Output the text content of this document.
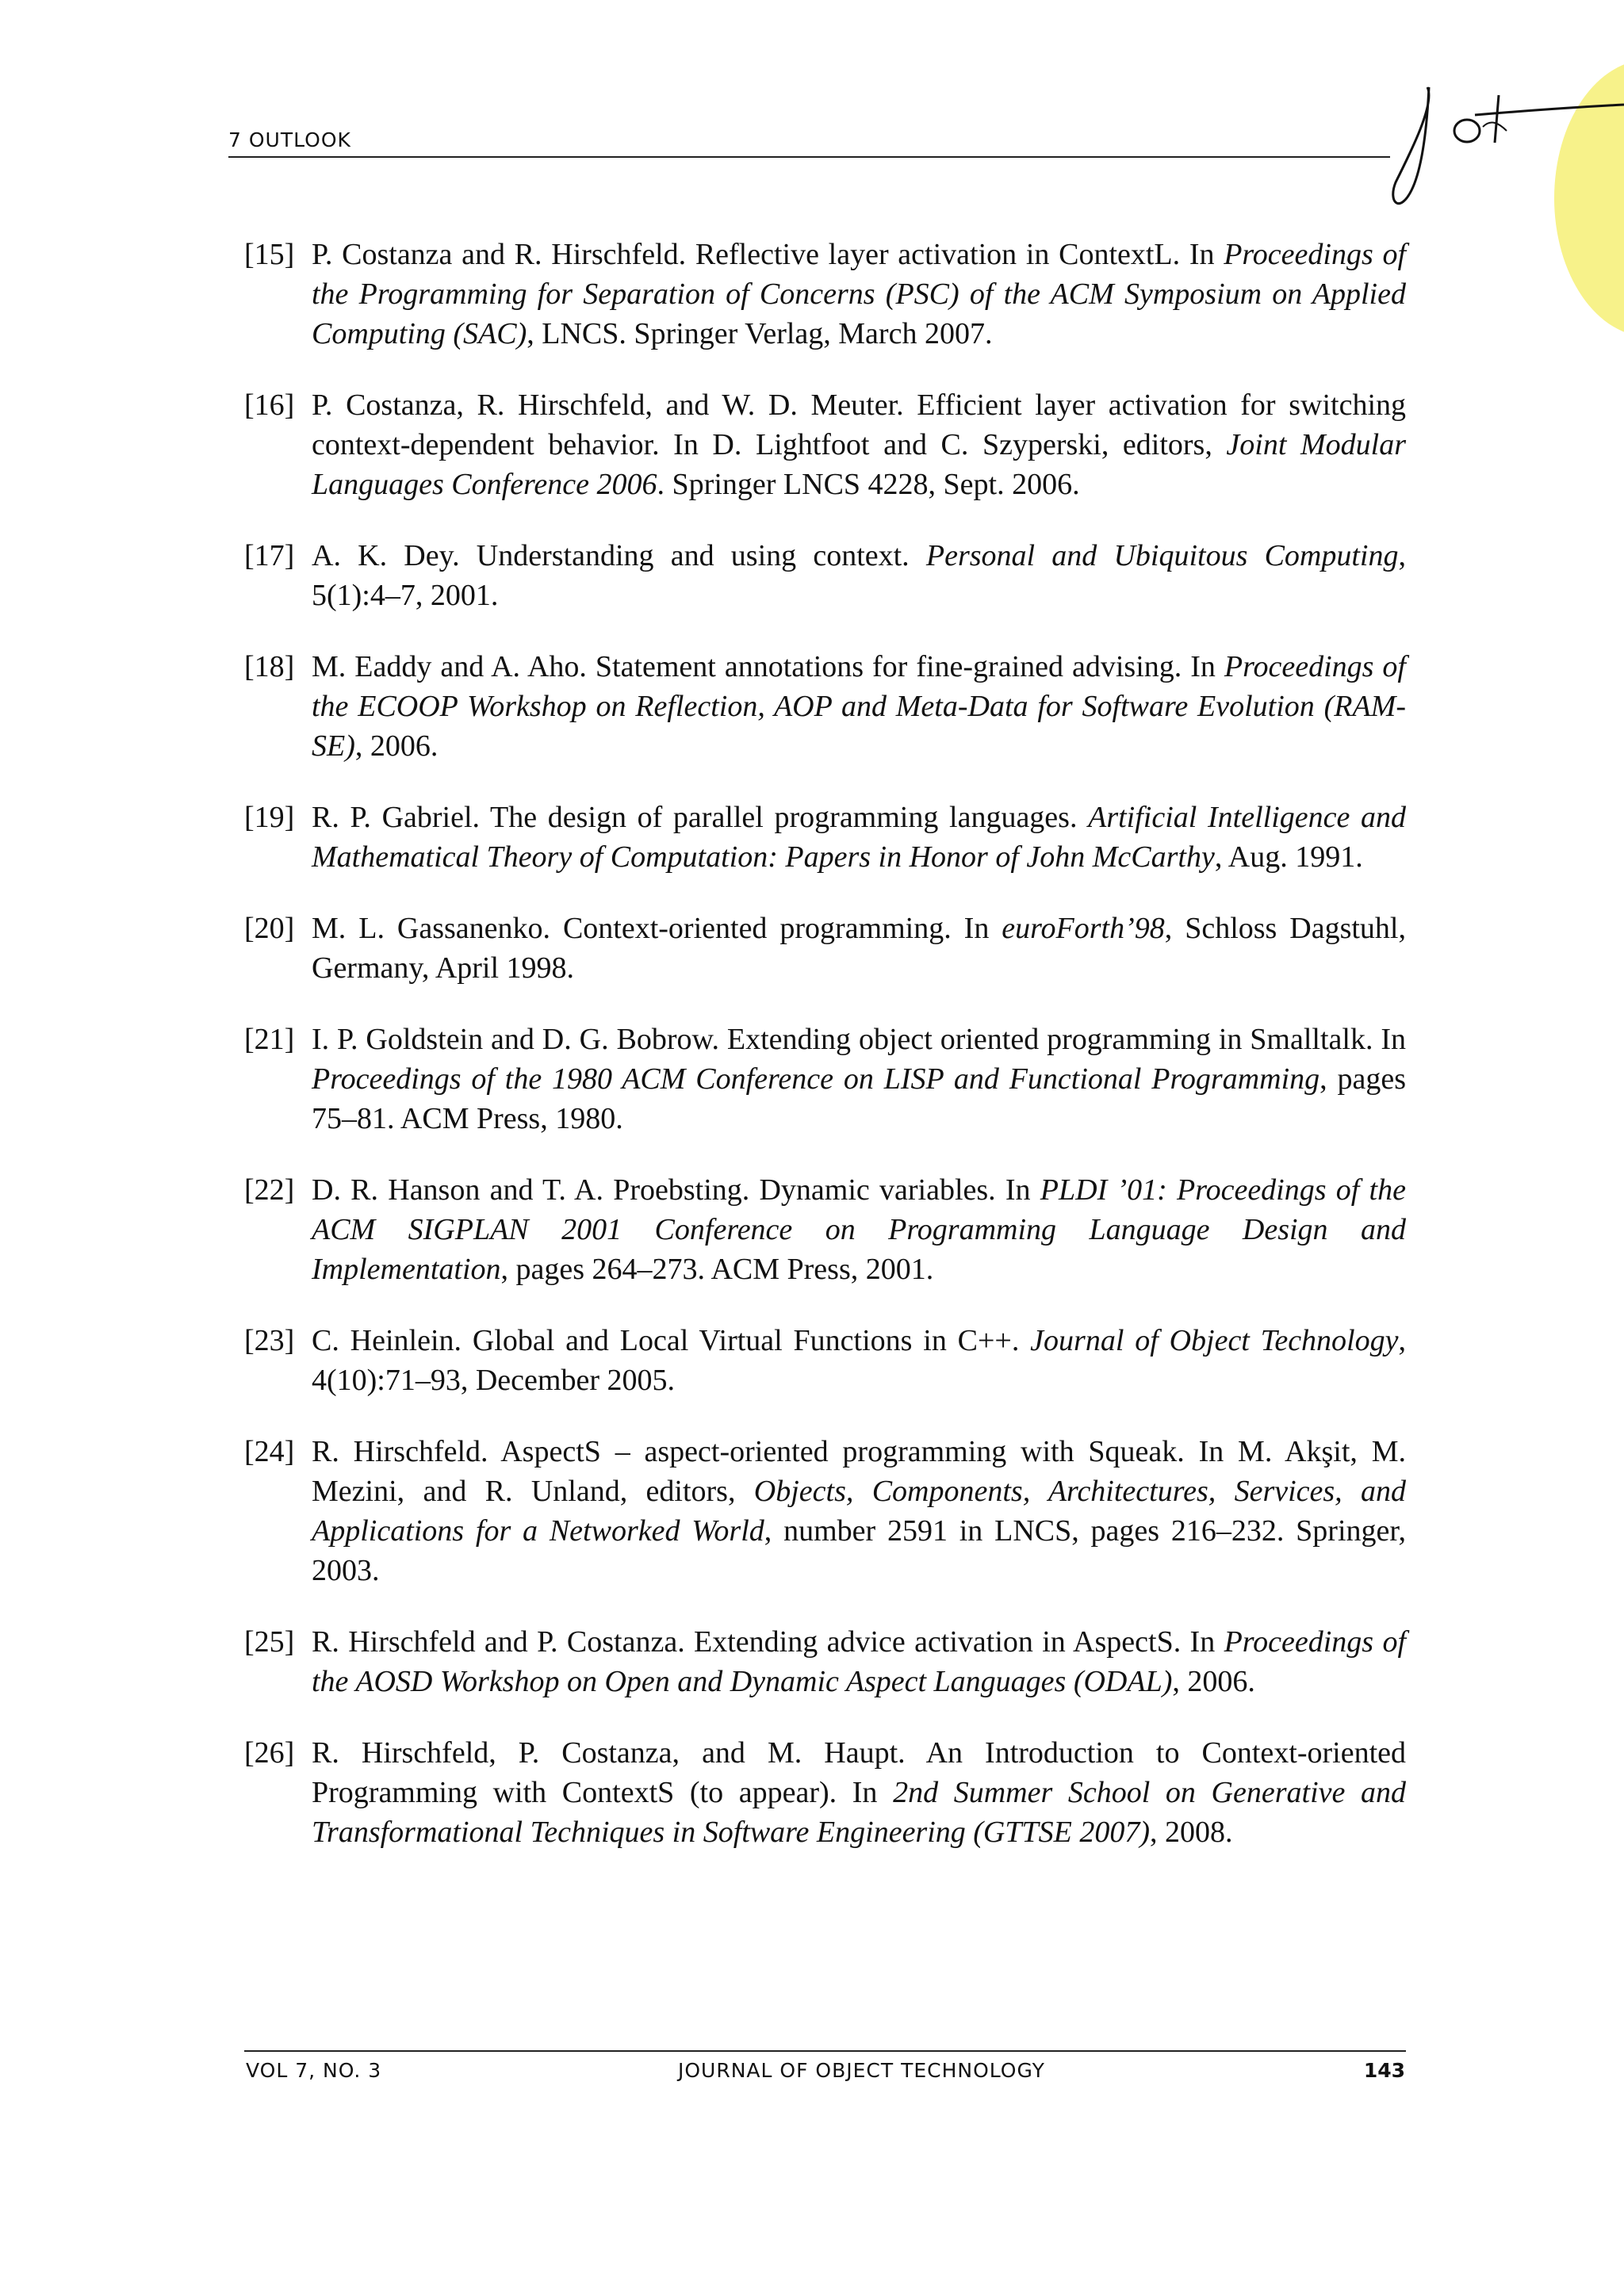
7 OUTLOOK
[15] P. Costanza and R. Hirschfeld. Reflective layer activation in ContextL. In Proceedings of the Programming for Separation of Concerns (PSC) of the ACM Symposium on Applied Computing (SAC), LNCS. Springer Verlag, March 2007.
[16] P. Costanza, R. Hirschfeld, and W. D. Meuter. Efficient layer activation for switching context-dependent behavior. In D. Lightfoot and C. Szyperski, editors, Joint Modular Languages Conference 2006. Springer LNCS 4228, Sept. 2006.
[17] A. K. Dey. Understanding and using context. Personal and Ubiquitous Computing, 5(1):4–7, 2001.
[18] M. Eaddy and A. Aho. Statement annotations for fine-grained advising. In Proceedings of the ECOOP Workshop on Reflection, AOP and Meta-Data for Software Evolution (RAM-SE), 2006.
[19] R. P. Gabriel. The design of parallel programming languages. Artificial Intelligence and Mathematical Theory of Computation: Papers in Honor of John McCarthy, Aug. 1991.
[20] M. L. Gassanenko. Context-oriented programming. In euroForth’98, Schloss Dagstuhl, Germany, April 1998.
[21] I. P. Goldstein and D. G. Bobrow. Extending object oriented programming in Smalltalk. In Proceedings of the 1980 ACM Conference on LISP and Functional Programming, pages 75–81. ACM Press, 1980.
[22] D. R. Hanson and T. A. Proebsting. Dynamic variables. In PLDI ’01: Proceedings of the ACM SIGPLAN 2001 Conference on Programming Language Design and Implementation, pages 264–273. ACM Press, 2001.
[23] C. Heinlein. Global and Local Virtual Functions in C++. Journal of Object Technology, 4(10):71–93, December 2005.
[24] R. Hirschfeld. AspectS – aspect-oriented programming with Squeak. In M. Akşit, M. Mezini, and R. Unland, editors, Objects, Components, Architectures, Services, and Applications for a Networked World, number 2591 in LNCS, pages 216–232. Springer, 2003.
[25] R. Hirschfeld and P. Costanza. Extending advice activation in AspectS. In Proceedings of the AOSD Workshop on Open and Dynamic Aspect Languages (ODAL), 2006.
[26] R. Hirschfeld, P. Costanza, and M. Haupt. An Introduction to Context-oriented Programming with ContextS (to appear). In 2nd Summer School on Generative and Transformational Techniques in Software Engineering (GTTSE 2007), 2008.
VOL 7, NO. 3	JOURNAL OF OBJECT TECHNOLOGY	143
